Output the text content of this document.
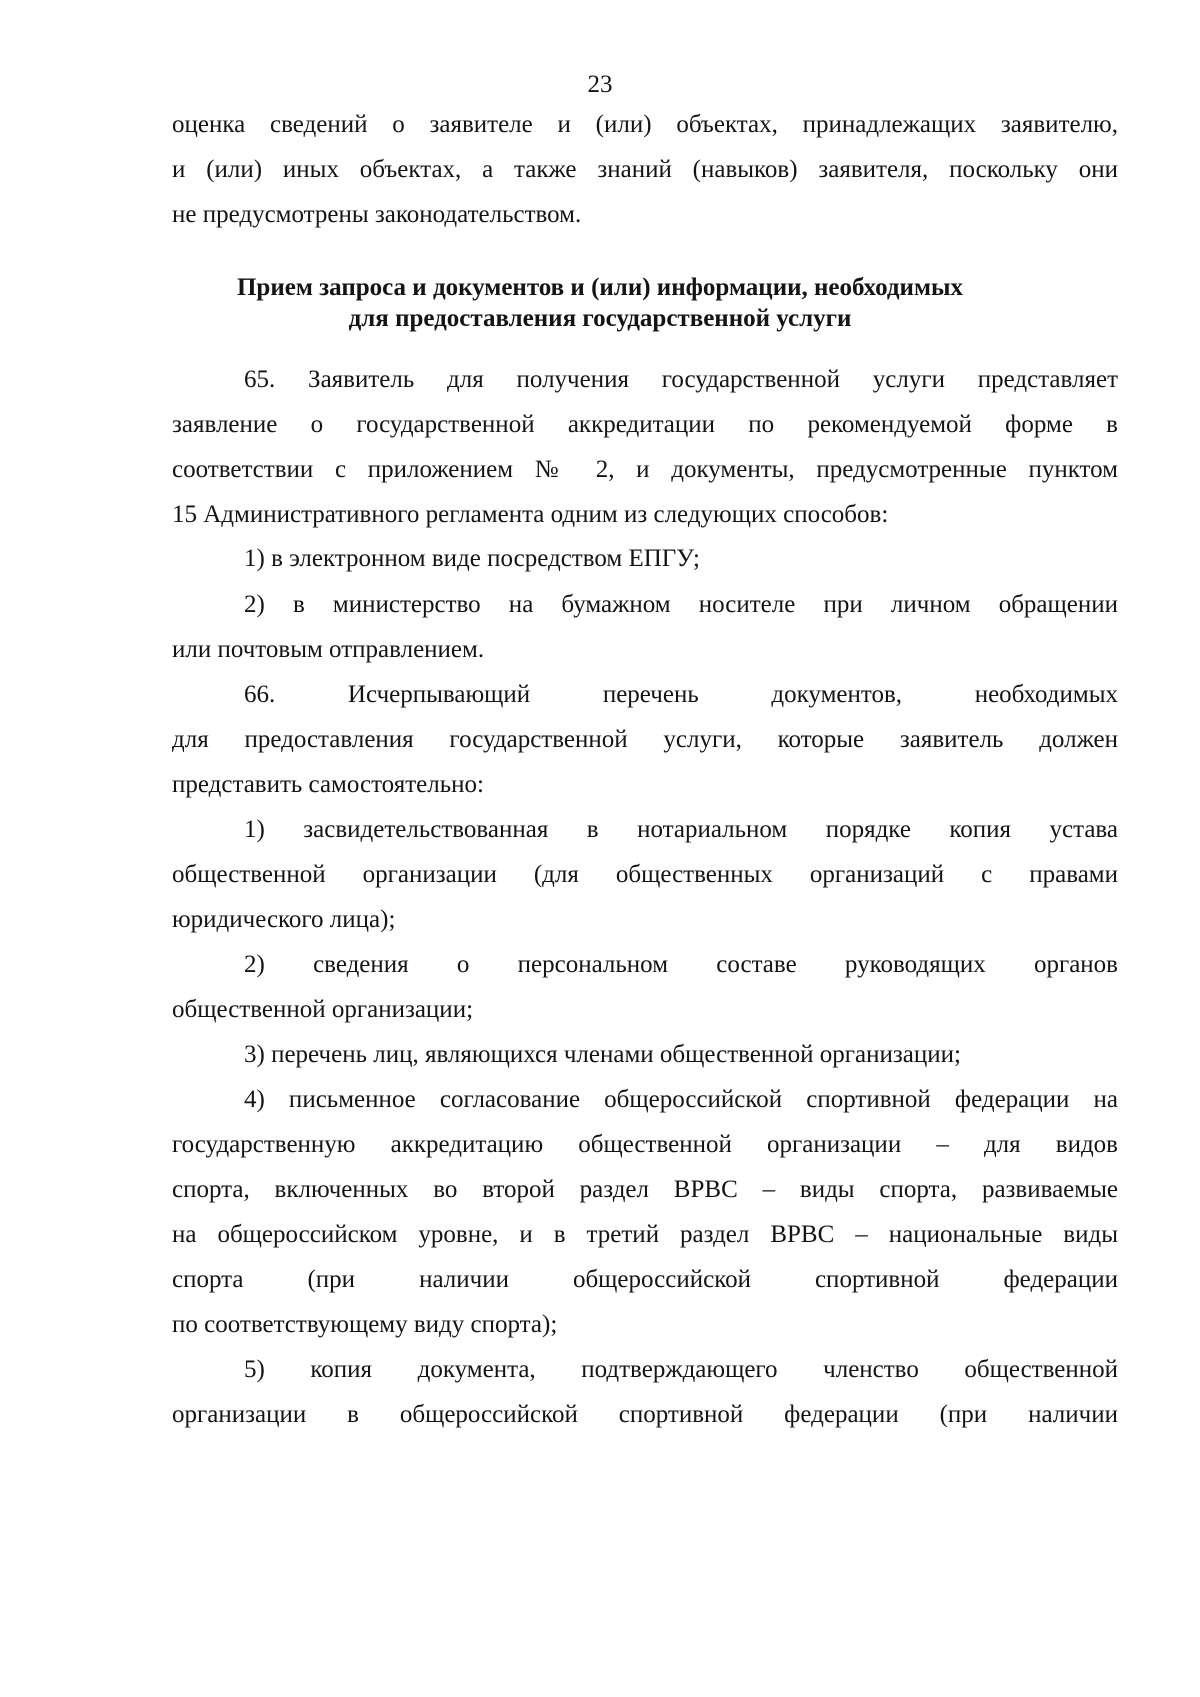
23
оценка сведений о заявителе и (или) объектах, принадлежащих заявителю,
и (или) иных объектах, а также знаний (навыков) заявителя, поскольку они
не предусмотрены законодательством.
Прием запроса и документов и (или) информации, необходимых
для предоставления государственной услуги
65. Заявитель для получения государственной услуги представляет
заявление о государственной аккредитации по рекомендуемой форме в
соответствии с приложением № 2, и документы, предусмотренные пунктом
15 Административного регламента одним из следующих способов:
1) в электронном виде посредством ЕПГУ;
2) в министерство на бумажном носителе при личном обращении
или почтовым отправлением.
66. Исчерпывающий перечень документов, необходимых
для предоставления государственной услуги, которые заявитель должен
представить самостоятельно:
1) засвидетельствованная в нотариальном порядке копия устава
общественной организации (для общественных организаций с правами
юридического лица);
2) сведения о персональном составе руководящих органов
общественной организации;
3) перечень лиц, являющихся членами общественной организации;
4) письменное согласование общероссийской спортивной федерации на
государственную аккредитацию общественной организации – для видов
спорта, включенных во второй раздел ВРВС – виды спорта, развиваемые
на общероссийском уровне, и в третий раздел ВРВС – национальные виды
спорта (при наличии общероссийской спортивной федерации
по соответствующему виду спорта);
5) копия документа, подтверждающего членство общественной
организации в общероссийской спортивной федерации (при наличии
